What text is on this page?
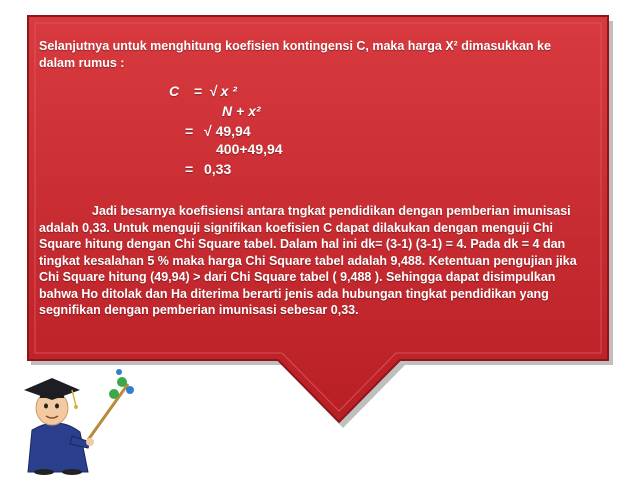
Selanjutnya untuk menghitung koefisien kontingensi C, maka harga X² dimasukkan ke dalam rumus :

C = √ x ²
N + x²
= √ 49,94
400+49,94
= 0,33

Jadi besarnya koefisiensi antara tngkat pendidikan dengan pemberian imunisasi adalah 0,33. Untuk menguji signifikan koefisien C dapat dilakukan dengan menguji Chi Square hitung dengan Chi Square tabel. Dalam hal ini dk= (3-1) (3-1) = 4. Pada dk = 4 dan tingkat kesalahan 5 % maka harga Chi Square tabel adalah 9,488. Ketentuan pengujian jika Chi Square hitung (49,94) > dari Chi Square tabel ( 9,488 ). Sehingga dapat disimpulkan bahwa Ho ditolak dan Ha diterima berarti jenis ada hubungan tingkat pendidikan yang segnifikan dengan pemberian imunisasi sebesar 0,33.
